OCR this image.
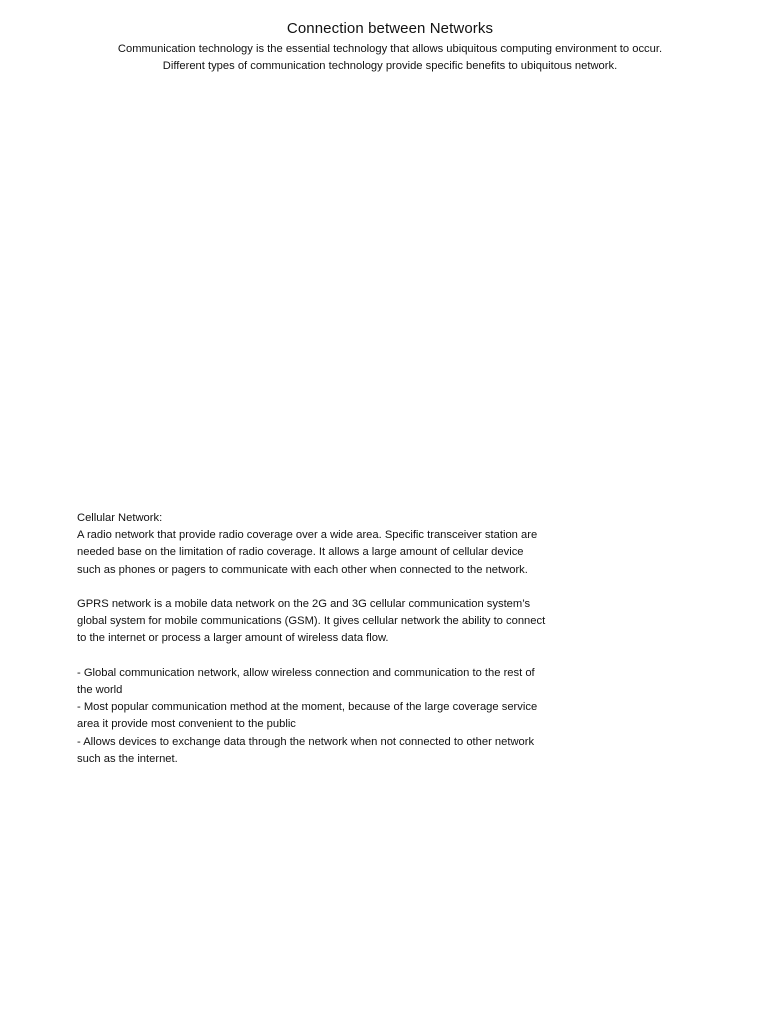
Connection between Networks

Communication technology is the essential technology that allows ubiquitous computing environment to occur.

Different types of communication technology provide specific benefits to ubiquitous network.

Cellular Network:

A radio network that provide radio coverage over a wide area. Specific transceiver station are

needed base on the limitation of radio coverage. It allows a large amount of cellular device

such as phones or pagers to communicate with each other when connected to the network.

GPRS network is a mobile data network on the 2G and 3G cellular communication system’s

global system for mobile communications (GSM). It gives cellular network the ability to connect

to the internet or process a larger amount of wireless data flow.

- Global communication network, allow wireless connection and communication to the rest of

the world

- Most popular communication method at the moment, because of the large coverage service

area it provide most convenient to the public

- Allows devices to exchange data through the network when not connected to other network

such as the internet.
